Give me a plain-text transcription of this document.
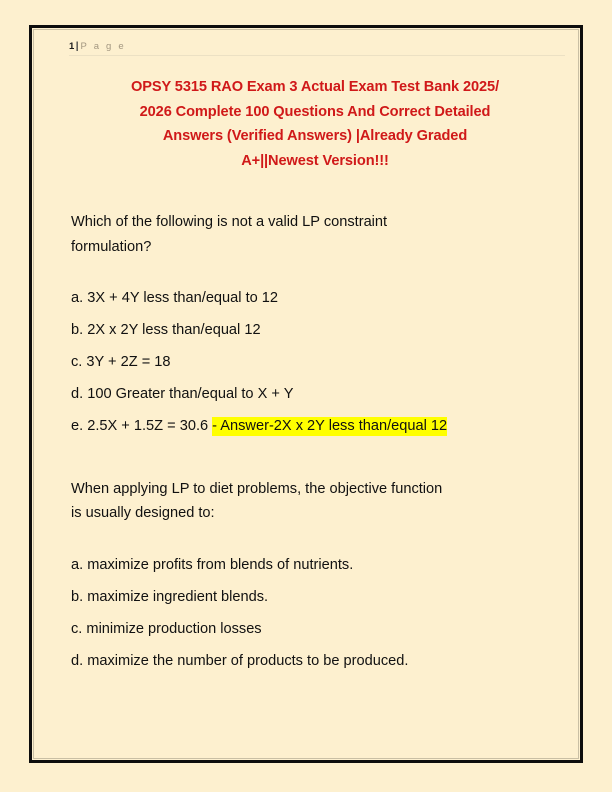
1| P a g e
OPSY 5315 RAO Exam 3 Actual Exam Test Bank 2025/
2026 Complete 100 Questions And Correct Detailed
Answers (Verified Answers) |Already Graded
A+||Newest Version!!!
Which of the following is not a valid LP constraint
formulation?
a. 3X + 4Y less than/equal to 12
b. 2X x 2Y less than/equal 12
c. 3Y + 2Z = 18
d. 100 Greater than/equal to X + Y
e. 2.5X + 1.5Z = 30.6 - Answer-2X x 2Y less than/equal 12
When applying LP to diet problems, the objective function
is usually designed to:
a. maximize profits from blends of nutrients.
b. maximize ingredient blends.
c. minimize production losses
d. maximize the number of products to be produced.
